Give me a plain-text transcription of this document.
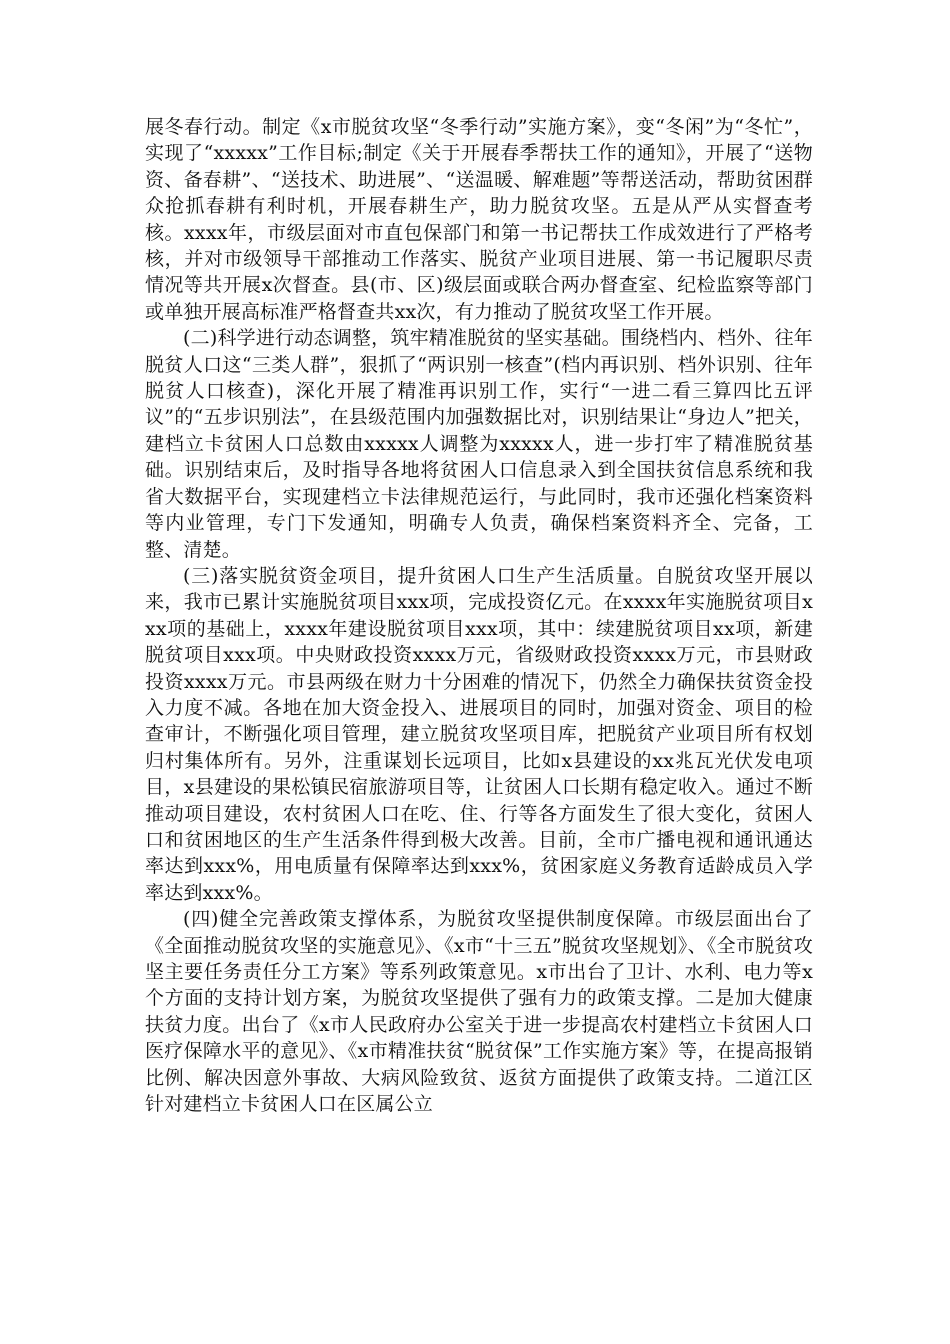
展冬春行动。制定《x市脱贫攻坚“冬季行动”实施方案》，变“冬闲”为“冬忙”，实现了“xxxxx”工作目标;制定《关于开展春季帮扶工作的通知》，开展了“送物资、备春耕”、“送技术、助进展”、“送温暖、解难题”等帮送活动，帮助贫困群众抢抓春耕有利时机，开展春耕生产，助力脱贫攻坚。五是从严从实督查考核。xxxx年，市级层面对市直包保部门和第一书记帮扶工作成效进行了严格考核，并对市级领导干部推动工作落实、脱贫产业项目进展、第一书记履职尽责情况等共开展x次督查。县(市、区)级层面或联合两办督查室、纪检监察等部门或单独开展高标准严格督查共xx次，有力推动了脱贫攻坚工作开展。

(二)科学进行动态调整，筑牢精准脱贫的坚实基础。围绕档内、档外、往年脱贫人口这“三类人群”，狠抓了“两识别一核查”(档内再识别、档外识别、往年脱贫人口核查)，深化开展了精准再识别工作，实行“一进二看三算四比五评议”的“五步识别法”，在县级范围内加强数据比对，识别结果让“身边人”把关，建档立卡贫困人口总数由xxxxx人调整为xxxxx人，进一步打牢了精准脱贫基础。识别结束后，及时指导各地将贫困人口信息录入到全国扶贫信息系统和我省大数据平台，实现建档立卡法律规范运行，与此同时，我市还强化档案资料等内业管理，专门下发通知，明确专人负责，确保档案资料齐全、完备，工整、清楚。

(三)落实脱贫资金项目，提升贫困人口生产生活质量。自脱贫攻坚开展以来，我市已累计实施脱贫项目xxx项，完成投资亿元。在xxxx年实施脱贫项目xxx项的基础上，xxxx年建设脱贫项目xxx项，其中：续建脱贫项目xx项，新建脱贫项目xxx项。中央财政投资xxxx万元，省级财政投资xxxx万元，市县财政投资xxxx万元。市县两级在财力十分困难的情况下，仍然全力确保扶贫资金投入力度不减。各地在加大资金投入、进展项目的同时，加强对资金、项目的检查审计，不断强化项目管理，建立脱贫攻坚项目库，把脱贫产业项目所有权划归村集体所有。另外，注重谋划长远项目，比如x县建设的xx兆瓦光伏发电项目，x县建设的果松镇民宿旅游项目等，让贫困人口长期有稳定收入。通过不断推动项目建设，农村贫困人口在吃、住、行等各方面发生了很大变化，贫困人口和贫困地区的生产生活条件得到极大改善。目前，全市广播电视和通讯通达率达到xxx%，用电质量有保障率达到xxx%，贫困家庭义务教育适龄成员入学率达到xxx%。

(四)健全完善政策支撑体系，为脱贫攻坚提供制度保障。市级层面出台了《全面推动脱贫攻坚的实施意见》、《x市“十三五”脱贫攻坚规划》、《全市脱贫攻坚主要任务责任分工方案》等系列政策意见。x市出台了卫计、水利、电力等x个方面的支持计划方案，为脱贫攻坚提供了强有力的政策支撑。二是加大健康扶贫力度。出台了《x市人民政府办公室关于进一步提高农村建档立卡贫困人口医疗保障水平的意见》、《x市精准扶贫“脱贫保”工作实施方案》等，在提高报销比例、解决因意外事故、大病风险致贫、返贫方面提供了政策支持。二道江区针对建档立卡贫困人口在区属公立
